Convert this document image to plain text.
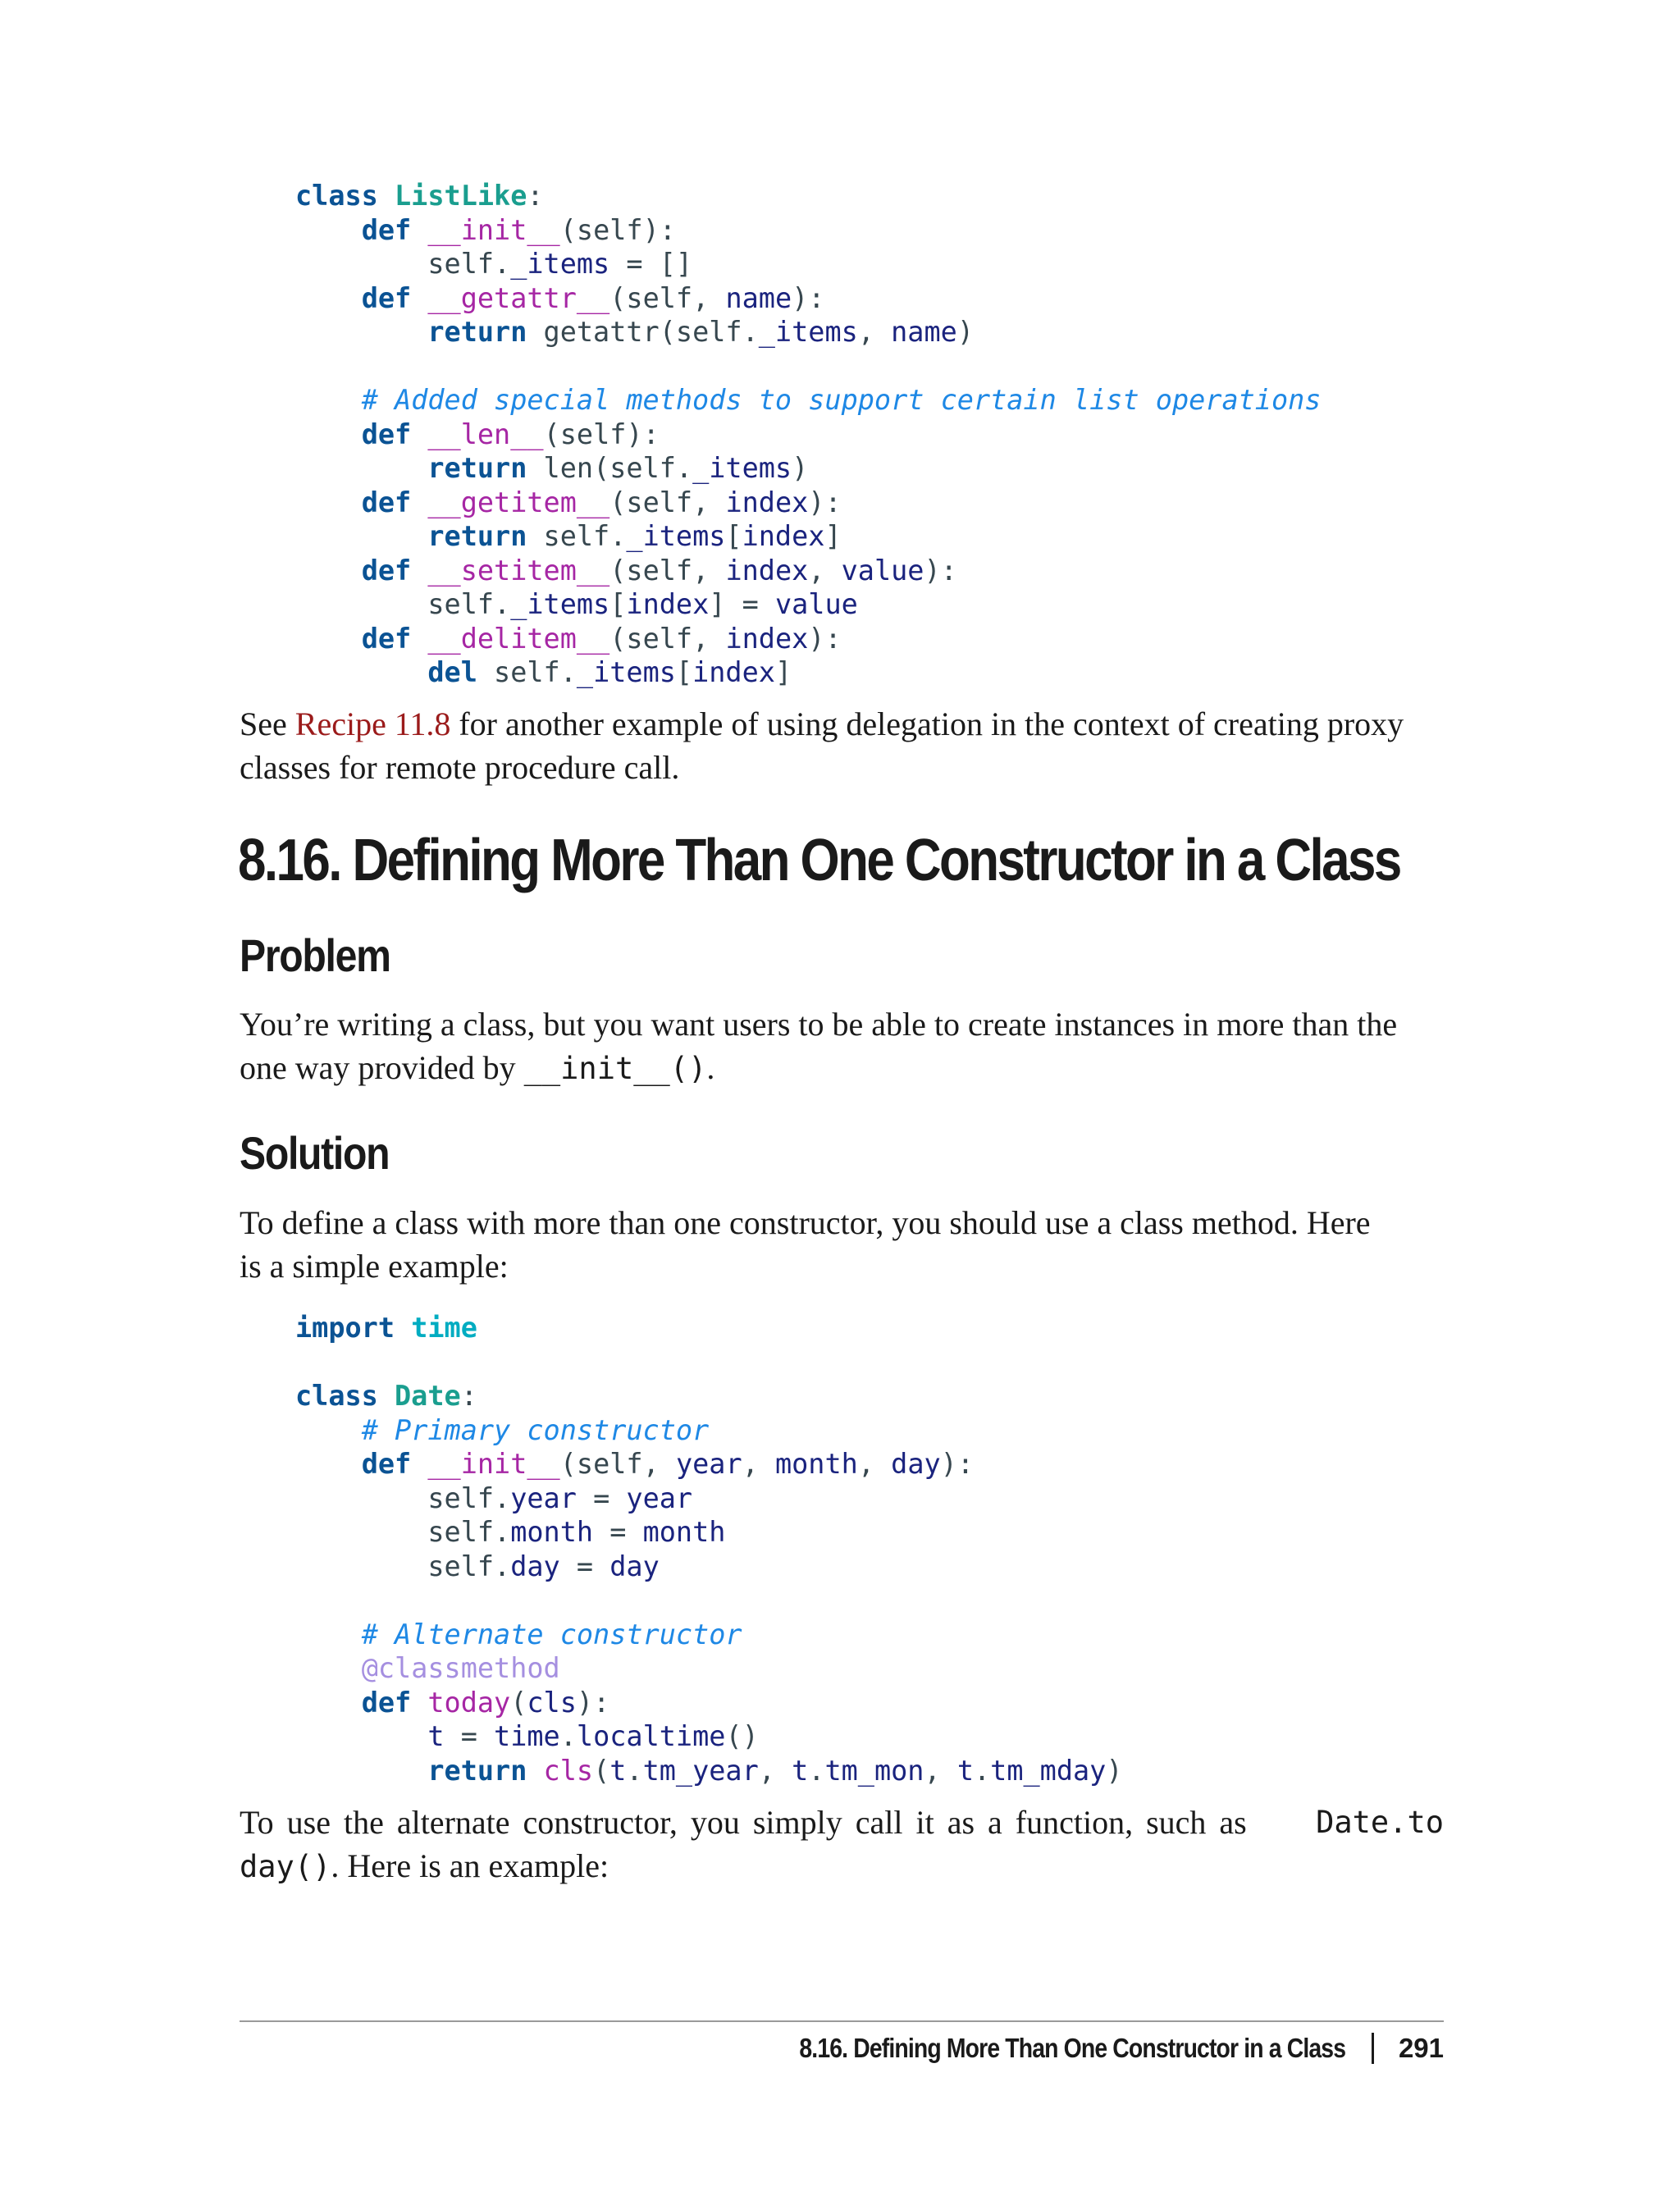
class ListLike:
def __init__(self):
self._items = []
def __getattr__(self, name):
return getattr(self._items, name)

# Added special methods to support certain list operations
def __len__(self):
return len(self._items)
def __getitem__(self, index):
return self._items[index]
def __setitem__(self, index, value):
self._items[index] = value
def __delitem__(self, index):
del self._items[index]
See Recipe 11.8 for another example of using delegation in the context of creating proxy
classes for remote procedure call.
8.16. Defining More Than One Constructor in a Class
Problem
You’re writing a class, but you want users to be able to create instances in more than the
one way provided by __init__().
Solution
To define a class with more than one constructor, you should use a class method. Here
is a simple example:
import time

class Date:
# Primary constructor
def __init__(self, year, month, day):
self.year = year
self.month = month
self.day = day

# Alternate constructor
@classmethod
def today(cls):
t = time.localtime()
return cls(t.tm_year, t.tm_mon, t.tm_mday)
To use the alternate constructor, you simply call it as a function, such as Date.to
day(). Here is an example:
8.16. Defining More Than One Constructor in a Class 291
